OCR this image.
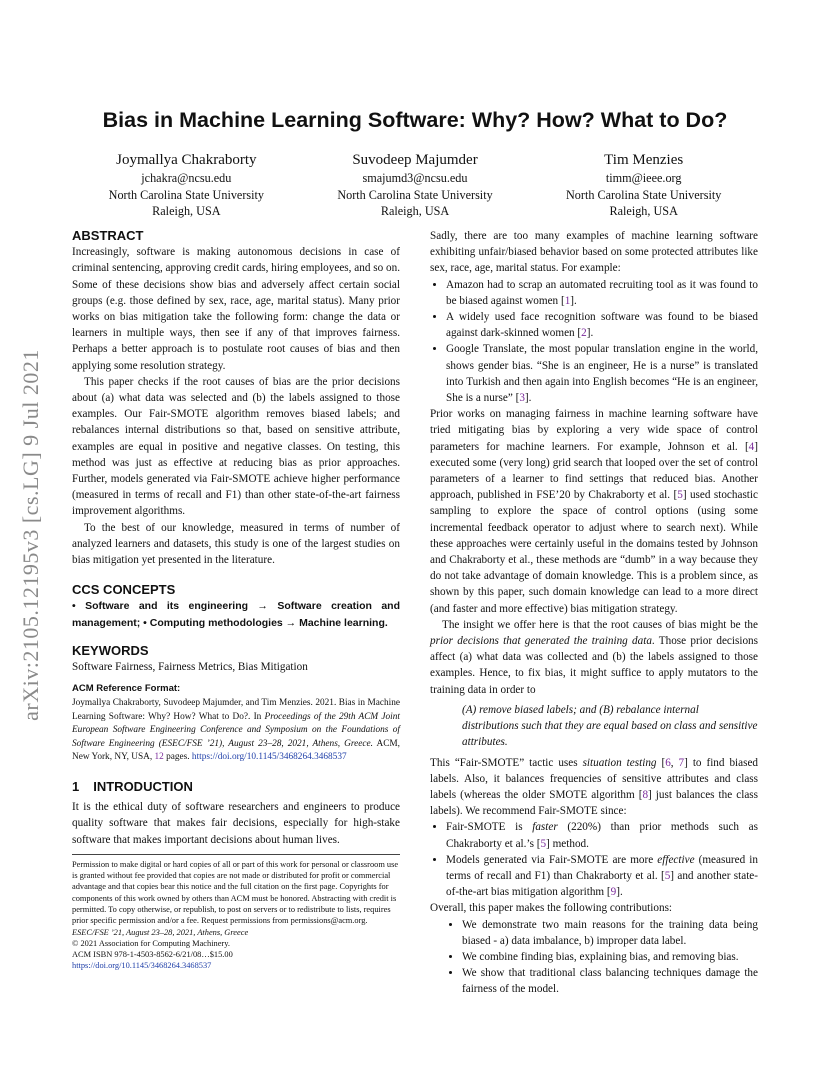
arXiv:2105.12195v3 [cs.LG] 9 Jul 2021
Bias in Machine Learning Software: Why? How? What to Do?
Joymallya Chakraborty
jchakra@ncsu.edu
North Carolina State University
Raleigh, USA
Suvodeep Majumder
smajumd3@ncsu.edu
North Carolina State University
Raleigh, USA
Tim Menzies
timm@ieee.org
North Carolina State University
Raleigh, USA
ABSTRACT

Increasingly, software is making autonomous decisions in case of criminal sentencing, approving credit cards, hiring employees, and so on. Some of these decisions show bias and adversely affect certain social groups (e.g. those defined by sex, race, age, marital status). Many prior works on bias mitigation take the following form: change the data or learners in multiple ways, then see if any of that improves fairness. Perhaps a better approach is to postulate root causes of bias and then applying some resolution strategy.

This paper checks if the root causes of bias are the prior decisions about (a) what data was selected and (b) the labels assigned to those examples. Our Fair-SMOTE algorithm removes biased labels; and rebalances internal distributions so that, based on sensitive attribute, examples are equal in positive and negative classes. On testing, this method was just as effective at reducing bias as prior approaches. Further, models generated via Fair-SMOTE achieve higher performance (measured in terms of recall and F1) than other state-of-the-art fairness improvement algorithms.

To the best of our knowledge, measured in terms of number of analyzed learners and datasets, this study is one of the largest studies on bias mitigation yet presented in the literature.

CCS CONCEPTS
• Software and its engineering → Software creation and management; • Computing methodologies → Machine learning.
KEYWORDS

Software Fairness, Fairness Metrics, Bias Mitigation

ACM Reference Format:
Joymallya Chakraborty, Suvodeep Majumder, and Tim Menzies. 2021. Bias in Machine Learning Software: Why? How? What to Do?. In Proceedings of the 29th ACM Joint European Software Engineering Conference and Symposium on the Foundations of Software Engineering (ESEC/FSE ’21), August 23–28, 2021, Athens, Greece. ACM, New York, NY, USA, 12 pages. https://doi.org/10.1145/3468264.3468537
1 INTRODUCTION

It is the ethical duty of software researchers and engineers to produce quality software that makes fair decisions, especially for high-stake software that makes important decisions about human lives.

Permission to make digital or hard copies of all or part of this work for personal or classroom use is granted without fee provided that copies are not made or distributed for profit or commercial advantage and that copies bear this notice and the full citation on the first page. Copyrights for components of this work owned by others than ACM must be honored. Abstracting with credit is permitted. To copy otherwise, or republish, to post on servers or to redistribute to lists, requires prior specific permission and/or a fee. Request permissions from permissions@acm.org.

ESEC/FSE ’21, August 23–28, 2021, Athens, Greece
© 2021 Association for Computing Machinery.
ACM ISBN 978-1-4503-8562-6/21/08…$15.00
https://doi.org/10.1145/3468264.3468537

Sadly, there are too many examples of machine learning software exhibiting unfair/biased behavior based on some protected attributes like sex, race, age, marital status. For example:

• Amazon had to scrap an automated recruiting tool as it was found to be biased against women [1].
• A widely used face recognition software was found to be biased against dark-skinned women [2].
• Google Translate, the most popular translation engine in the world, shows gender bias. “She is an engineer, He is a nurse” is translated into Turkish and then again into English becomes “He is an engineer, She is a nurse” [3].

Prior works on managing fairness in machine learning software have tried mitigating bias by exploring a very wide space of control parameters for machine learners. For example, Johnson et al. [4] executed some (very long) grid search that looped over the set of control parameters of a learner to find settings that reduced bias. Another approach, published in FSE’20 by Chakraborty et al. [5] used stochastic sampling to explore the space of control options (using some incremental feedback operator to adjust where to search next). While these approaches were certainly useful in the domains tested by Johnson and Chakraborty et al., these methods are “dumb” in a way because they do not take advantage of domain knowledge. This is a problem since, as shown by this paper, such domain knowledge can lead to a more direct (and faster and more effective) bias mitigation strategy.

The insight we offer here is that the root causes of bias might be the prior decisions that generated the training data. Those prior decisions affect (a) what data was collected and (b) the labels assigned to those examples. Hence, to fix bias, it might suffice to apply mutators to the training data in order to

(A) remove biased labels; and (B) rebalance internal distributions such that they are equal based on class and sensitive attributes.

This “Fair-SMOTE” tactic uses situation testing [6, 7] to find biased labels. Also, it balances frequencies of sensitive attributes and class labels (whereas the older SMOTE algorithm [8] just balances the class labels). We recommend Fair-SMOTE since:

• Fair-SMOTE is faster (220%) than prior methods such as Chakraborty et al.’s [5] method.
• Models generated via Fair-SMOTE are more effective (measured in terms of recall and F1) than Chakraborty et al. [5] and another state-of-the-art bias mitigation algorithm [9].

Overall, this paper makes the following contributions:

• We demonstrate two main reasons for the training data being biased - a) data imbalance, b) improper data label.
• We combine finding bias, explaining bias, and removing bias.
• We show that traditional class balancing techniques damage the fairness of the model.
